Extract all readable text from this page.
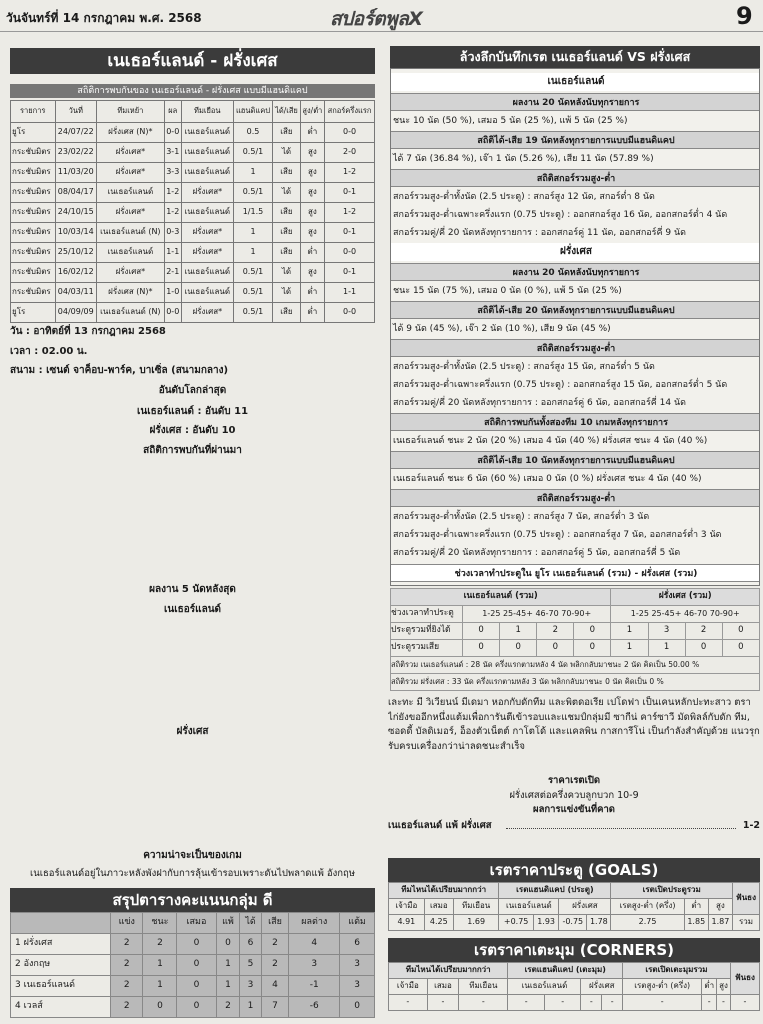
วันจันทร์ที่ 14 กรกฎาคม พ.ศ. 2568	สปอร์ตพูลX	9
เนเธอร์แลนด์ - ฝรั่งเศส
สถิติการพบกันของ เนเธอร์แลนด์ - ฝรั่งเศส แบบมีแฮนดิแคป
รายการ	วันที่	ทีมเหย้า	ผล	ทีมเยือน	แฮนดิแคป	ได้/เสีย	สูง/ต่ำ	สกอร์ครึ่งแรก
ยูโร	24/07/22	ฝรั่งเศส (N)*	0-0	เนเธอร์แลนด์	0.5	เสีย	ต่ำ	0-0
กระชับมิตร	23/02/22	ฝรั่งเศส*	3-1	เนเธอร์แลนด์	0.5/1	ได้	สูง	2-0
กระชับมิตร	11/03/20	ฝรั่งเศส*	3-3	เนเธอร์แลนด์	1	เสีย	สูง	1-2
กระชับมิตร	08/04/17	เนเธอร์แลนด์	1-2	ฝรั่งเศส*	0.5/1	ได้	สูง	0-1
กระชับมิตร	24/10/15	ฝรั่งเศส*	1-2	เนเธอร์แลนด์	1/1.5	เสีย	สูง	1-2
กระชับมิตร	10/03/14	เนเธอร์แลนด์ (N)	0-3	ฝรั่งเศส*	1	เสีย	สูง	0-1
กระชับมิตร	25/10/12	เนเธอร์แลนด์	1-1	ฝรั่งเศส*	1	เสีย	ต่ำ	0-0
กระชับมิตร	16/02/12	ฝรั่งเศส*	2-1	เนเธอร์แลนด์	0.5/1	ได้	สูง	0-1
กระชับมิตร	04/03/11	ฝรั่งเศส (N)*	1-0	เนเธอร์แลนด์	0.5/1	ได้	ต่ำ	1-1
ยูโร	04/09/09	เนเธอร์แลนด์ (N)	0-0	ฝรั่งเศส*	0.5/1	เสีย	ต่ำ	0-0
วัน : อาทิตย์ที่ 13 กรกฎาคม 2568
เวลา : 02.00 น.
สนาม : เซนต์ จาค็อบ-พาร์ค, บาเซิ่ล (สนามกลาง)
อันดับโลกล่าสุด
เนเธอร์แลนด์ : อันดับ 11
ฝรั่งเศส : อันดับ 10
สถิติการพบกันที่ผ่านมา
ผลงาน 5 นัดหลังสุด
เนเธอร์แลนด์
ฝรั่งเศส
ความน่าจะเป็นของเกม
เนเธอร์แลนด์อยู่ในภาวะหลังพังฝากับการลุ้นเข้ารอบเพราะดันไปพลาดแพ้ อังกฤษ
สรุปตารางคะแนนกลุ่ม ดี
	แข่ง	ชนะ	เสมอ	แพ้	ได้	เสีย	ผลต่าง	แต้ม
1 ฝรั่งเศส	2	2	0	0	6	2	4	6
2 อังกฤษ	2	1	0	1	5	2	3	3
3 เนเธอร์แลนด์	2	1	0	1	3	4	-1	3
4 เวลส์	2	0	0	2	1	7	-6	0
ล้วงลึกบันทึกเรต เนเธอร์แลนด์ VS ฝรั่งเศส
เนเธอร์แลนด์
ผลงาน 20 นัดหลังนับทุกรายการ
ชนะ 10 นัด (50 %), เสมอ 5 นัด (25 %), แพ้ 5 นัด (25 %)
สถิติได้-เสีย 19 นัดหลังทุกรายการแบบมีแฮนดิแคป
ได้ 7 นัด (36.84 %), เจ๊า 1 นัด (5.26 %), เสีย 11 นัด (57.89 %)
สถิติสกอร์รวมสูง-ต่ำ
สกอร์รวมสูง-ต่ำทั้งนัด (2.5 ประตู) : สกอร์สูง 12 นัด, สกอร์ต่ำ 8 นัด
สกอร์รวมสูง-ต่ำเฉพาะครึ่งแรก (0.75 ประตู) : ออกสกอร์สูง 16 นัด, ออกสกอร์ต่ำ 4 นัด
สกอร์รวมคู่/คี่ 20 นัดหลังทุกรายการ : ออกสกอร์คู่ 11 นัด, ออกสกอร์คี่ 9 นัด
ฝรั่งเศส
ผลงาน 20 นัดหลังนับทุกรายการ
ชนะ 15 นัด (75 %), เสมอ 0 นัด (0 %), แพ้ 5 นัด (25 %)
สถิติได้-เสีย 20 นัดหลังทุกรายการแบบมีแฮนดิแคป
ได้ 9 นัด (45 %), เจ๊า 2 นัด (10 %), เสีย 9 นัด (45 %)
สถิติสกอร์รวมสูง-ต่ำ
สกอร์รวมสูง-ต่ำทั้งนัด (2.5 ประตู) : สกอร์สูง 15 นัด, สกอร์ต่ำ 5 นัด
สกอร์รวมสูง-ต่ำเฉพาะครึ่งแรก (0.75 ประตู) : ออกสกอร์สูง 15 นัด, ออกสกอร์ต่ำ 5 นัด
สกอร์รวมคู่/คี่ 20 นัดหลังทุกรายการ : ออกสกอร์คู่ 6 นัด, ออกสกอร์คี่ 14 นัด
สถิติการพบกันทั้งสองทีม 10 เกมหลังทุกรายการ
เนเธอร์แลนด์ ชนะ 2 นัด (20 %) เสมอ 4 นัด (40 %) ฝรั่งเศส ชนะ 4 นัด (40 %)
สถิติได้-เสีย 10 นัดหลังทุกรายการแบบมีแฮนดิแคป
เนเธอร์แลนด์ ชนะ 6 นัด (60 %) เสมอ 0 นัด (0 %) ฝรั่งเศส ชนะ 4 นัด (40 %)
สถิติสกอร์รวมสูง-ต่ำ
สกอร์รวมสูง-ต่ำทั้งนัด (2.5 ประตู) : สกอร์สูง 7 นัด, สกอร์ต่ำ 3 นัด
สกอร์รวมสูง-ต่ำเฉพาะครึ่งแรก (0.75 ประตู) : ออกสกอร์สูง 7 นัด, ออกสกอร์ต่ำ 3 นัด
สกอร์รวมคู่/คี่ 20 นัดหลังทุกรายการ : ออกสกอร์คู่ 5 นัด, ออกสกอร์คี่ 5 นัด
ช่วงเวลาทำประตูใน ยูโร เนเธอร์แลนด์ (รวม) - ฝรั่งเศส (รวม)
เนเธอร์แลนด์ (รวม)					ฝรั่งเศส (รวม)			
ช่วงเวลาทำประตู	1-25 25-45+ 46-70 70-90+				1-25 25-45+ 46-70 70-90+			
ประตูรวมที่ยิงได้	0	1	2	0	1	3	2	0
ประตูรวมเสีย	0	0	0	0	1	1	0	0
สถิติรวม เนเธอร์แลนด์ : 28 นัด ครึ่งแรกตามหลัง 4 นัด พลิกกลับมาชนะ 2 นัด คิดเป็น 50.00 %								
สถิติรวม ฝรั่งเศส : 33 นัด ครึ่งแรกตามหลัง 3 นัด พลิกกลับมาชนะ 0 นัด คิดเป็น 0 %								
เละทะ มี วิเวียนน์ มีเดมา หอกกับดักทีม และพิตดอเรีย เปโดฟา เป็นเคนหลักปะทะสาว ตราไก่ยังขออีกหนึ่งแต้มเพื่อการันตีเข้ารอบและแชมป์กลุ่มมี ซากีน่ คาร์ซาวี มัดพิลล์กับดัก ทีม, ซอดดี้ บัลดิเมอร์, อ็องตัวเน็ตต์ กาโตโด้ และแคลพิน กาสการีโน่ เป็นกำลังสำคัญด้วย แนวรุกรับครบเครื่องกว่าน่าลดชนะสำเร็จ
ราคาเรตเปิด
ฝรั่งเศสต่อครึ่งควบลูกบวก 10-9
ผลการแข่งขันที่คาด
เนเธอร์แลนด์ แพ้ ฝรั่งเศส	1-2
เรตราคาประตู (GOALS)
ทีมไหนได้เปรียบมากกว่า			เรตแฮนดิแคป (ประตู)				เรตเปิดประตูรวม			ฟันธง
เจ้ามือ	เสมอ	ทีมเยือน	เนเธอร์แลนด์		ฝรั่งเศส		เรตสูง-ต่ำ (ครึ่ง)	ต่ำ	สูง	
4.91	4.25	1.69	+0.75	1.93	-0.75	1.78	2.75	1.85	1.87	รวม
เรตราคาเตะมุม (CORNERS)
ทีมไหนได้เปรียบมากกว่า			เรตแฮนดิแคป (เตะมุม)				เรตเปิดเตะมุมรวม			ฟันธง
เจ้ามือ	เสมอ	ทีมเยือน	เนเธอร์แลนด์		ฝรั่งเศส		เรตสูง-ต่ำ (ครึ่ง)	ต่ำ	สูง	
-	-	-	-	-	-	-	-	-	-	-
